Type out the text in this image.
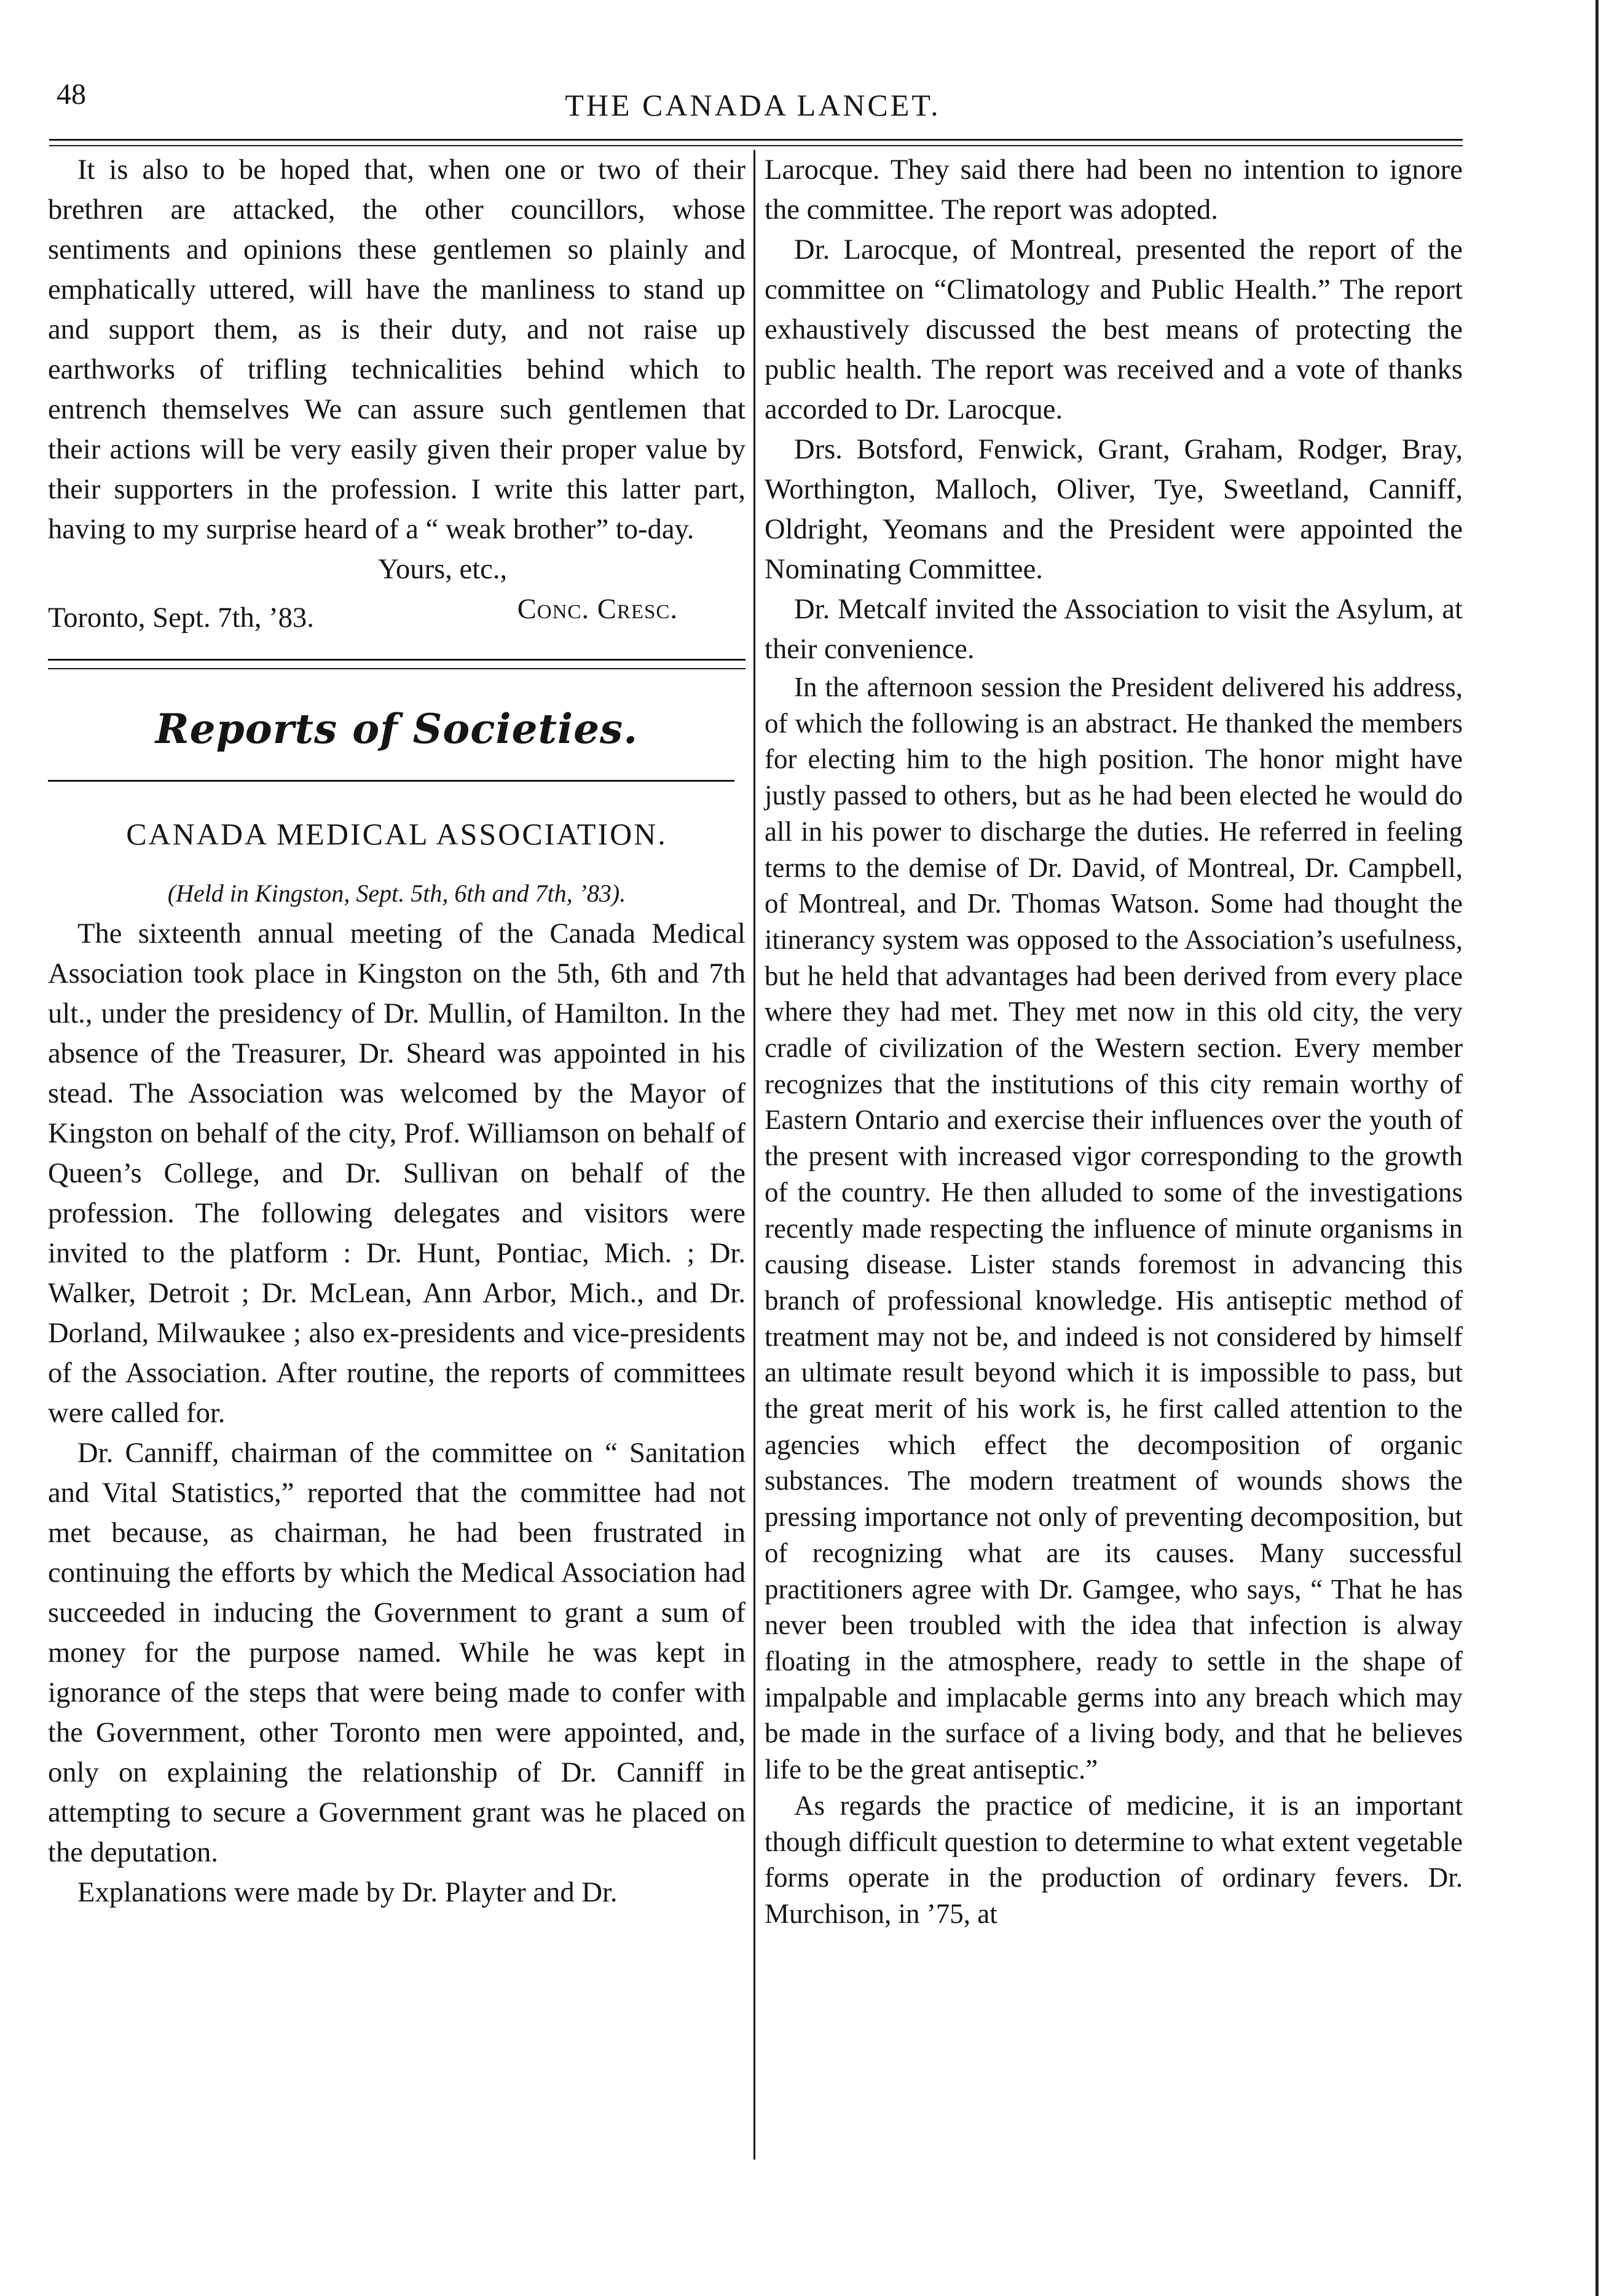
48	THE CANADA LANCET.

It is also to be hoped that, when one or two of their brethren are attacked, the other councillors, whose sentiments and opinions these gentlemen so plainly and emphatically uttered, will have the manliness to stand up and support them, as is their duty, and not raise up earthworks of trifling technicalities behind which to entrench themselves We can assure such gentlemen that their actions will be very easily given their proper value by their supporters in the profession. I write this latter part, having to my surprise heard of a “ weak brother” to‑day.

Yours, etc.,
Toronto, Sept. 7th, ’83.	Conc. Cresc.
Reports of Societies.
CANADA MEDICAL ASSOCIATION.
(Held in Kingston, Sept. 5th, 6th and 7th, ’83).

The sixteenth annual meeting of the Canada Medical Association took place in Kingston on the 5th, 6th and 7th ult., under the presidency of Dr. Mullin, of Hamilton. In the absence of the Treasurer, Dr. Sheard was appointed in his stead. The Association was welcomed by the Mayor of Kingston on behalf of the city, Prof. Williamson on behalf of Queen’s College, and Dr. Sullivan on behalf of the profession. The following delegates and visitors were invited to the platform : Dr. Hunt, Pontiac, Mich. ; Dr. Walker, Detroit ; Dr. McLean, Ann Arbor, Mich., and Dr. Dorland, Milwaukee ; also ex‑presidents and vice‑presidents of the Association. After routine, the reports of committees were called for.

Dr. Canniff, chairman of the committee on “ Sanitation and Vital Statistics,” reported that the committee had not met because, as chairman, he had been frustrated in continuing the efforts by which the Medical Association had succeeded in inducing the Government to grant a sum of money for the purpose named. While he was kept in ignorance of the steps that were being made to confer with the Government, other Toronto men were appointed, and, only on explaining the relationship of Dr. Canniff in attempting to secure a Government grant was he placed on the deputation.

Explanations were made by Dr. Playter and Dr.

Larocque. They said there had been no intention to ignore the committee. The report was adopted.

Dr. Larocque, of Montreal, presented the report of the committee on “Climatology and Public Health.” The report exhaustively discussed the best means of protecting the public health. The report was received and a vote of thanks accorded to Dr. Larocque.

Drs. Botsford, Fenwick, Grant, Graham, Rodger, Bray, Worthington, Malloch, Oliver, Tye, Sweetland, Canniff, Oldright, Yeomans and the President were appointed the Nominating Committee.

Dr. Metcalf invited the Association to visit the Asylum, at their convenience.

In the afternoon session the President delivered his address, of which the following is an abstract. He thanked the members for electing him to the high position. The honor might have justly passed to others, but as he had been elected he would do all in his power to discharge the duties. He referred in feeling terms to the demise of Dr. David, of Montreal, Dr. Campbell, of Montreal, and Dr. Thomas Watson. Some had thought the itinerancy system was opposed to the Association’s usefulness, but he held that advantages had been derived from every place where they had met. They met now in this old city, the very cradle of civilization of the Western section. Every member recognizes that the institutions of this city remain worthy of Eastern Ontario and exercise their influences over the youth of the present with increased vigor corresponding to the growth of the country. He then alluded to some of the investigations recently made respecting the influence of minute organisms in causing disease. Lister stands foremost in advancing this branch of professional knowledge. His antiseptic method of treatment may not be, and indeed is not considered by himself an ultimate result beyond which it is impossible to pass, but the great merit of his work is, he first called attention to the agencies which effect the decomposition of organic substances. The modern treatment of wounds shows the pressing importance not only of preventing decomposition, but of recognizing what are its causes. Many successful practitioners agree with Dr. Gamgee, who says, “ That he has never been troubled with the idea that infection is alway floating in the atmosphere, ready to settle in the shape of impalpable and implacable germs into any breach which may be made in the surface of a living body, and that he believes life to be the great antiseptic.”

As regards the practice of medicine, it is an important though difficult question to determine to what extent vegetable forms operate in the production of ordinary fevers. Dr. Murchison, in ’75, at
